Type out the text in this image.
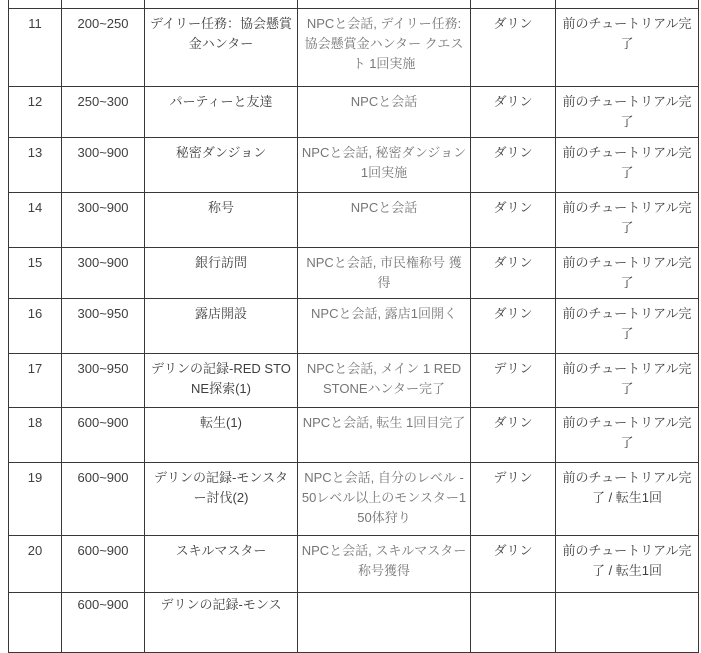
11	200~250	デイリー任務：協会懸賞金ハンター	NPCと会話, デイリー任務:協会懸賞金ハンター クエスト 1回実施	ダリン	前のチュートリアル完了
12	250~300	パーティーと友達	NPCと会話	ダリン	前のチュートリアル完了
13	300~900	秘密ダンジョン	NPCと会話, 秘密ダンジョン 1回実施	ダリン	前のチュートリアル完了
14	300~900	称号	NPCと会話	ダリン	前のチュートリアル完了
15	300~900	銀行訪問	NPCと会話, 市民権称号 獲得	ダリン	前のチュートリアル完了
16	300~950	露店開設	NPCと会話, 露店1回開く	ダリン	前のチュートリアル完了
17	300~950	デリンの記録-RED STONE探索(1)	NPCと会話, メイン 1 RED STONEハンター完了	デリン	前のチュートリアル完了
18	600~900	転生(1)	NPCと会話, 転生 1回目完了	ダリン	前のチュートリアル完了
19	600~900	デリンの記録-モンスター討伐(2)	NPCと会話, 自分のレベル -50レベル以上のモンスター150体狩り	デリン	前のチュートリアル完了 / 転生1回
20	600~900	スキルマスター	NPCと会話, スキルマスター 称号獲得	ダリン	前のチュートリアル完了 / 転生1回
	600~900	デリンの記録-モンス			
